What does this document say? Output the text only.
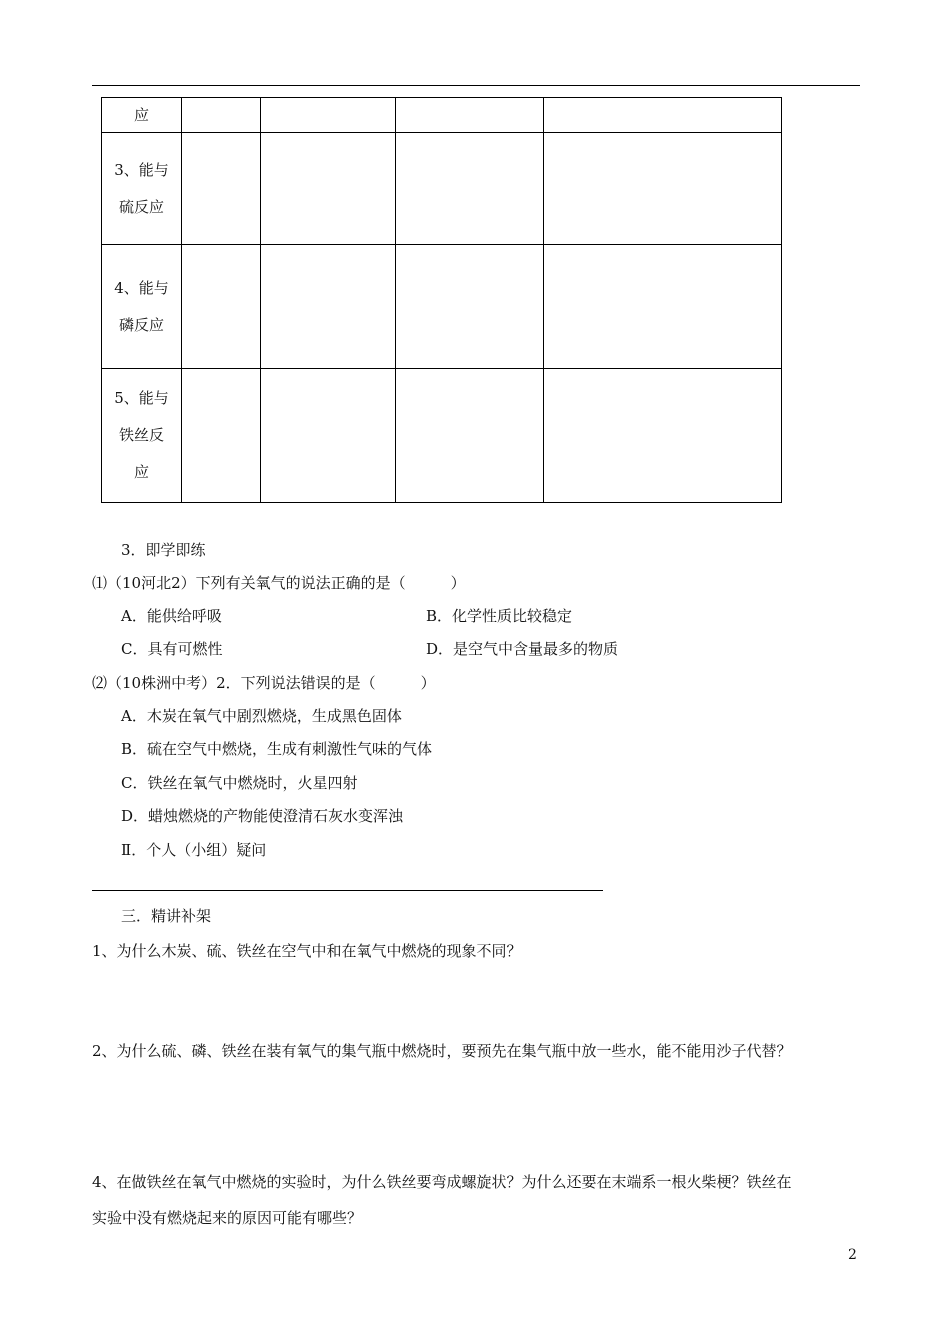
应				

3、能与
硫反应				

4、能与
磷反应				

5、能与
铁丝反
应				

3．即学即练
⑴（10河北2）下列有关氧气的说法正确的是（　　　）
A．能供给呼吸	B．化学性质比较稳定
C．具有可燃性	D．是空气中含量最多的物质
⑵（10株洲中考）2．下列说法错误的是（　　　）
A．木炭在氧气中剧烈燃烧，生成黑色固体
B．硫在空气中燃烧，生成有刺激性气味的气体
C．铁丝在氧气中燃烧时，火星四射
D．蜡烛燃烧的产物能使澄清石灰水变浑浊
Ⅱ．个人（小组）疑问
三．精讲补架
1、为什么木炭、硫、铁丝在空气中和在氧气中燃烧的现象不同？
2、为什么硫、磷、铁丝在装有氧气的集气瓶中燃烧时，要预先在集气瓶中放一些水，能不能用沙子代替？
4、在做铁丝在氧气中燃烧的实验时，为什么铁丝要弯成螺旋状？为什么还要在末端系一根火柴梗？铁丝在
实验中没有燃烧起来的原因可能有哪些？
2
